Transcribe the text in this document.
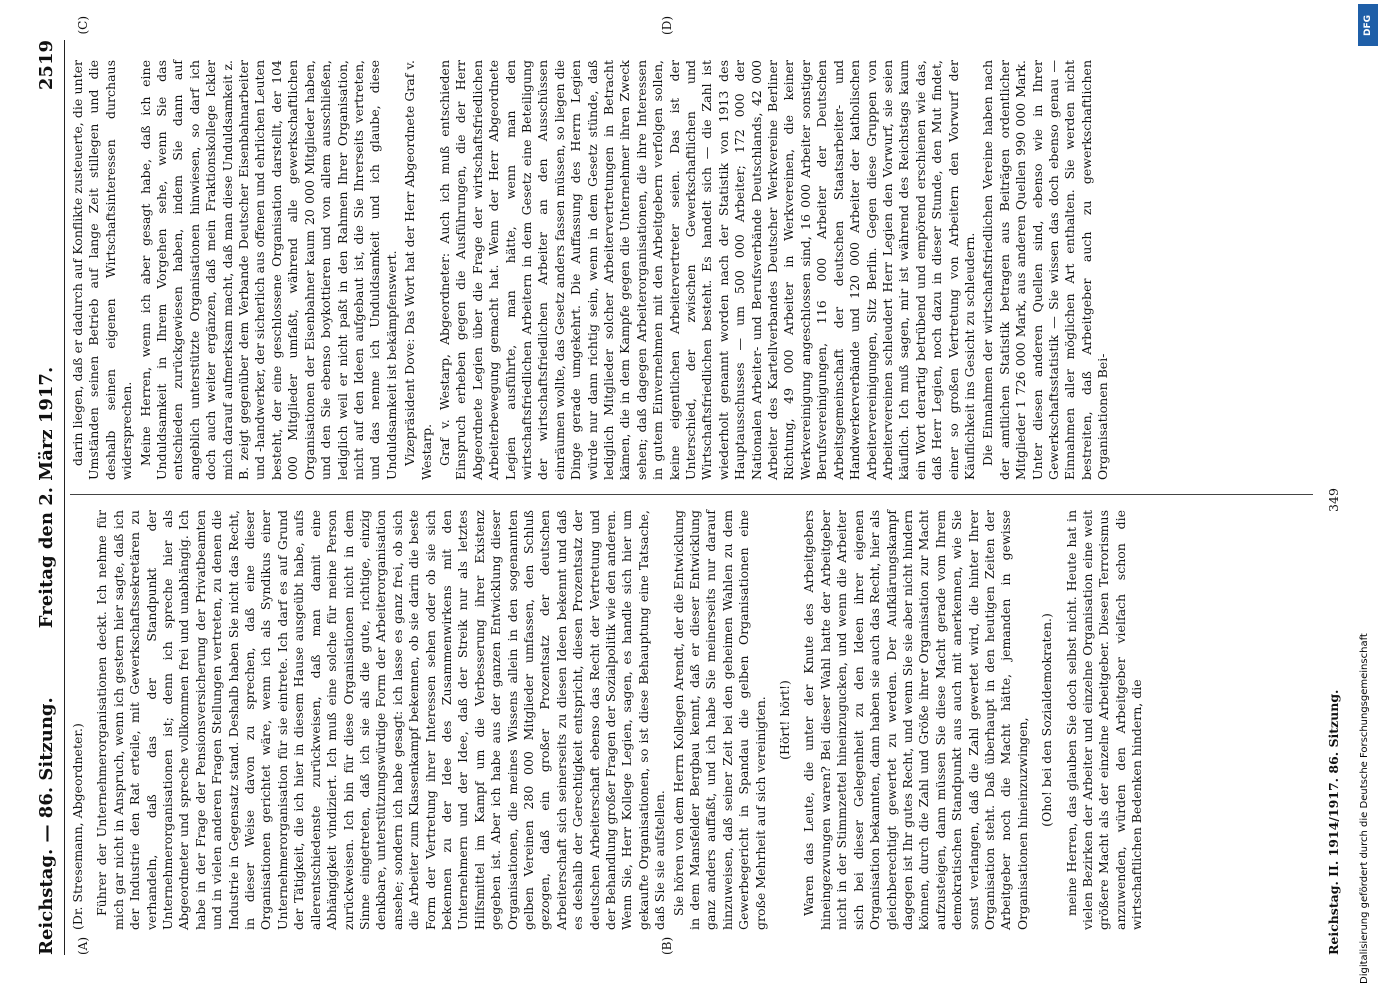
Reichstag. — 86. Sitzung.
Freitag den 2. März 1917.
2519
(A)	(B)
(C)	(D)

(Dr. Stresemann, Abgeordneter.) Führer der Unternehmerorganisationen deckt. Ich nehme für mich gar nicht in Anspruch, wenn ich gestern hier sagte, daß ich der Industrie den Rat erteile, mit Gewerkschaftssekretären zu verhandeln, daß das der Standpunkt der Unternehmerorganisationen ist; denn ich spreche hier als Abgeordneter und spreche vollkommen frei und unabhängig. Ich habe in der Frage der Pensionsversicherung der Privatbeamten und in vielen anderen Fragen Stellungen vertreten, zu denen die Industrie in Gegensatz stand. Deshalb haben Sie nicht das Recht, in dieser Weise davon zu sprechen, daß eine dieser Organisationen gerichtet wäre, wenn ich als Syndikus einer Unternehmerorganisation für sie eintrete. Ich darf es auf Grund der Tätigkeit, die ich hier in diesem Hause ausgeübt habe, aufs allerentschiedenste zurückweisen, daß man damit eine Abhängigkeit vindiziert. Ich muß eine solche für meine Person zurückweisen. Ich bin für diese Organisationen nicht in dem Sinne eingetreten, daß ich sie als die gute, richtige, einzig denkbare, unterstützungswürdige Form der Arbeiterorganisation ansehe; sondern ich habe gesagt: ich lasse es ganz frei, ob sich die Arbeiter zum Klassenkampf bekennen, ob sie darin die beste Form der Vertretung ihrer Interessen sehen oder ob sie sich bekennen zu der Idee des Zusammenwirkens mit den Unternehmern und der Idee, daß der Streik nur als letztes Hilfsmittel im Kampf um die Verbesserung ihrer Existenz gegeben ist. Aber ich habe aus der ganzen Entwicklung dieser Organisationen, die meines Wissens allein in den sogenannten gelben Vereinen 280 000 Mitglieder umfassen, den Schluß gezogen, daß ein großer Prozentsatz der deutschen Arbeiterschaft sich seinerseits zu diesen Ideen bekennt und daß es deshalb der Gerechtigkeit entspricht, diesen Prozentsatz der deutschen Arbeiterschaft ebenso das Recht der Vertretung und der Behandlung großer Fragen der Sozialpolitik wie den anderen. Wenn Sie, Herr Kollege Legien, sagen, es handle sich hier um gekaufte Organisationen, so ist diese Behauptung eine Tatsache, daß Sie sie aufstellen. Sie hören von dem Herrn Kollegen Arendt, der die Entwicklung in dem Mansfelder Bergbau kennt, daß er dieser Entwicklung ganz anders auffaßt, und ich habe Sie meinerseits nur darauf hinzuweisen, daß seiner Zeit bei den geheimen Wahlen zu dem Gewerbegericht in Spandau die gelben Organisationen eine große Mehrheit auf sich vereinigten. (Hört! hört!) Waren das Leute, die unter der Knute des Arbeitgebers hineingezwungen waren? Bei dieser Wahl hatte der Arbeitgeber nicht in der Stimmzettel hineinzugucken, und wenn die Arbeiter sich bei dieser Gelegenheit zu den Ideen ihrer eigenen Organisation bekannten, dann haben sie auch das Recht, hier als gleichberechtigt gewertet zu werden. Der Aufklärungskampf dagegen ist Ihr gutes Recht, und wenn Sie sie aber nicht hindern können, durch die Zahl und Größe ihrer Organisation zur Macht aufzusteigen, dann müssen Sie diese Macht gerade vom Ihrem demokratischen Standpunkt aus auch mit anerkennen, wie Sie sonst verlangen, daß die Zahl gewertet wird, die hinter Ihrer Organisation steht. Daß überhaupt in den heutigen Zeiten der Arbeitgeber noch die Macht hätte, jemanden in gewisse Organisationen hineinzuzwingen, (Oho! bei den Sozialdemokraten.) meine Herren, das glauben Sie doch selbst nicht. Heute hat in vielen Bezirken der Arbeiter und einzelne Organisation eine weit größere Macht als der einzelne Arbeitgeber. Diesen Terrorismus anzuwenden, würden den Arbeitgeber vielfach schon die wirtschaftlichen Bedenken hindern, die

darin liegen, daß er dadurch auf Konflikte zusteuerte, die unter Umständen seinen Betrieb auf lange Zeit stillegen und die deshalb seinen eigenen Wirtschaftsinteressen durchaus widersprechen. Meine Herren, wenn ich aber gesagt habe, daß ich eine Unduldsamkeit in Ihrem Vorgehen sehe, wenn Sie das entschieden zurückgewiesen haben, indem Sie dann auf angeblich unterstützte Organisationen hinwiesen, so darf ich doch auch weiter ergänzen, daß mein Fraktionskollege Ickler mich darauf aufmerksam macht, daß man diese Unduldsamkeit z. B. zeigt gegenüber dem Verbande Deutscher Eisenbahnarbeiter und -handwerker, der sicherlich aus offenen und ehrlichen Leuten besteht, der eine geschlossene Organisation darstellt, der 104 000 Mitglieder umfaßt, während alle gewerkschaftlichen Organisationen der Eisenbahner kaum 20 000 Mitglieder haben, und den Sie ebenso boykottieren und von allem ausschließen, lediglich weil er nicht paßt in den Rahmen Ihrer Organisation, nicht auf den Ideen aufgebaut ist, die Sie Ihrerseits vertreten, und das nenne ich Unduldsamkeit und ich glaube, diese Unduldsamkeit ist bekämpfenswert. Vizepräsident Dove: Das Wort hat der Herr Abgeordnete Graf v. Westarp. Graf v. Westarp, Abgeordneter: Auch ich muß entschieden Einspruch erheben gegen die Ausführungen, die der Herr Abgeordnete Legien über die Frage der wirtschaftsfriedlichen Arbeiterbewegung gemacht hat. Wenn der Herr Abgeordnete Legien ausführte, man hätte, wenn man den wirtschaftsfriedlichen Arbeitern in dem Gesetz eine Beteiligung der wirtschaftsfriedlichen Arbeiter an den Ausschüssen einräumen wollte, das Gesetz anders fassen müssen, so liegen die Dinge gerade umgekehrt. Die Auffassung des Herrn Legien würde nur dann richtig sein, wenn in dem Gesetz stünde, daß lediglich Mitglieder solcher Arbeitervertretungen in Betracht kämen, die in dem Kampfe gegen die Unternehmer ihren Zweck sehen; daß dagegen Arbeiterorganisationen, die ihre Interessen in gutem Einvernehmen mit den Arbeitgebern verfolgen sollen, keine eigentlichen Arbeitervertreter seien. Das ist der Unterschied, der zwischen Gewerkschaftlichen und Wirtschaftsfriedlichen besteht. Es handelt sich — die Zahl ist wiederholt genannt worden nach der Statistik von 1913 des Hauptausschusses — um 500 000 Arbeiter; 172 000 der Nationalen Arbeiter- und Berufsverbände Deutschlands, 42 000 Arbeiter des Kartellverbandes Deutscher Werkvereine Berliner Richtung, 49 000 Arbeiter in Werkvereinen, die keiner Werkvereinigung angeschlossen sind, 16 000 Arbeiter sonstiger Berufsvereinigungen, 116 000 Arbeiter der Deutschen Arbeitsgemeinschaft der deutschen Staatsarbeiter- und Handwerkerverbände und 120 000 Arbeiter der katholischen Arbeitervereinigungen, Sitz Berlin. Gegen diese Gruppen von Arbeitervereinen schleudert Herr Legien den Vorwurf, sie seien käuflich. Ich muß sagen, mir ist während des Reichstags kaum ein Wort derartig betrübend und empörend erschienen wie das, daß Herr Legien, noch dazu in dieser Stunde, den Mut findet, einer so großen Vertretung von Arbeitern den Vorwurf der Käuflichkeit ins Gesicht zu schleudern. Die Einnahmen der wirtschaftsfriedlichen Vereine haben nach der amtlichen Statistik betragen aus Beiträgen ordentlicher Mitglieder 1 726 000 Mark, aus anderen Quellen 990 000 Mark. Unter diesen anderen Quellen sind, ebenso wie in Ihrer Gewerkschaftsstatistik — Sie wissen das doch ebenso genau — Einnahmen aller möglichen Art enthalten. Sie werden nicht bestreiten, daß Arbeitgeber auch zu gewerkschaftlichen Organisationen Bei-

Reichstag. II. 1914/1917. 86. Sitzung.
349
DFG
Digitalisierung gefördert durch die Deutsche Forschungsgemeinschaft
